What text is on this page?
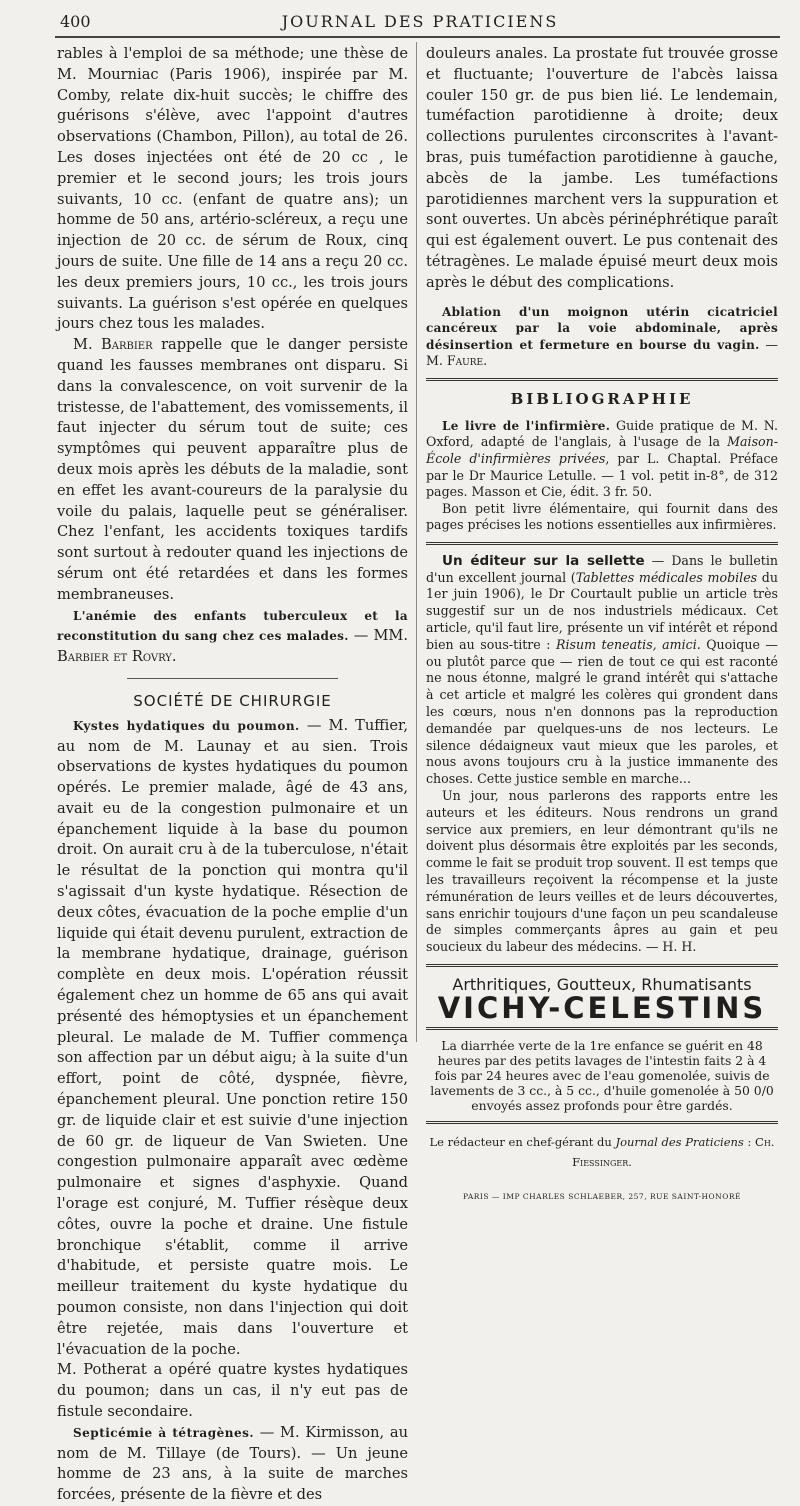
400	JOURNAL DES PRATICIENS

rables à l'emploi de sa méthode; une thèse de M. Mourniac (Paris 1906), inspirée par M. Comby, relate dix-huit succès; le chiffre des guérisons s'élève, avec l'appoint d'autres observations (Chambon, Pillon), au total de 26. Les doses injectées ont été de 20 cc , le premier et le second jours; les trois jours suivants, 10 cc. (enfant de quatre ans); un homme de 50 ans, artério-scléreux, a reçu une injection de 20 cc. de sérum de Roux, cinq jours de suite. Une fille de 14 ans a reçu 20 cc. les deux premiers jours, 10 cc., les trois jours suivants. La guérison s'est opérée en quelques jours chez tous les malades.

M. Barbier rappelle que le danger persiste quand les fausses membranes ont disparu. Si dans la convalescence, on voit survenir de la tristesse, de l'abattement, des vomissements, il faut injecter du sérum tout de suite; ces symptômes qui peuvent apparaître plus de deux mois après les débuts de la maladie, sont en effet les avant-coureurs de la paralysie du voile du palais, laquelle peut se généraliser. Chez l'enfant, les accidents toxiques tardifs sont surtout à redouter quand les injections de sérum ont été retardées et dans les formes membraneuses.

L'anémie des enfants tuberculeux et la reconstitution du sang chez ces malades. — MM. Barbier et Rovry.

SOCIÉTÉ DE CHIRURGIE

Kystes hydatiques du poumon. — M. Tuffier, au nom de M. Launay et au sien. Trois observations de kystes hydatiques du poumon opérés. Le premier malade, âgé de 43 ans, avait eu de la congestion pulmonaire et un épanchement liquide à la base du poumon droit. On aurait cru à de la tuberculose, n'était le résultat de la ponction qui montra qu'il s'agissait d'un kyste hydatique. Résection de deux côtes, évacuation de la poche emplie d'un liquide qui était devenu purulent, extraction de la membrane hydatique, drainage, guérison complète en deux mois. L'opération réussit également chez un homme de 65 ans qui avait présenté des hémoptysies et un épanchement pleural. Le malade de M. Tuffier commença son affection par un début aigu; à la suite d'un effort, point de côté, dyspnée, fièvre, épanchement pleural. Une ponction retire 150 gr. de liquide clair et est suivie d'une injection de 60 gr. de liqueur de Van Swieten. Une congestion pulmonaire apparaît avec œdème pulmonaire et signes d'asphyxie. Quand l'orage est conjuré, M. Tuffier résèque deux côtes, ouvre la poche et draine. Une fistule bronchique s'établit, comme il arrive d'habitude, et persiste quatre mois. Le meilleur traitement du kyste hydatique du poumon consiste, non dans l'injection qui doit être rejetée, mais dans l'ouverture et l'évacuation de la poche.

M. Potherat a opéré quatre kystes hydatiques du poumon; dans un cas, il n'y eut pas de fistule secondaire.

Septicémie à tétragènes. — M. Kirmisson, au nom de M. Tillaye (de Tours). — Un jeune homme de 23 ans, à la suite de marches forcées, présente de la fièvre et des

douleurs anales. La prostate fut trouvée grosse et fluctuante; l'ouverture de l'abcès laissa couler 150 gr. de pus bien lié. Le lendemain, tuméfaction parotidienne à droite; deux collections purulentes circonscrites à l'avant-bras, puis tuméfaction parotidienne à gauche, abcès de la jambe. Les tuméfactions parotidiennes marchent vers la suppuration et sont ouvertes. Un abcès périnéphrétique paraît qui est également ouvert. Le pus contenait des tétragènes. Le malade épuisé meurt deux mois après le début des complications.

Ablation d'un moignon utérin cicatriciel cancéreux par la voie abdominale, après désinsertion et fermeture en bourse du vagin. — M. Faure.

BIBLIOGRAPHIE

Le livre de l'infirmière. Guide pratique de M. N. Oxford, adapté de l'anglais, à l'usage de la Maison-École d'infirmières privées, par L. Chaptal. Préface par le Dr Maurice Letulle. — 1 vol. petit in-8°, de 312 pages. Masson et Cie, édit. 3 fr. 50.

Bon petit livre élémentaire, qui fournit dans des pages précises les notions essentielles aux infirmières.

Un éditeur sur la sellette — Dans le bulletin d'un excellent journal (Tablettes médicales mobiles du 1er juin 1906), le Dr Courtault publie un article très suggestif sur un de nos industriels médicaux. Cet article, qu'il faut lire, présente un vif intérêt et répond bien au sous-titre : Risum teneatis, amici. Quoique — ou plutôt parce que — rien de tout ce qui est raconté ne nous étonne, malgré le grand intérêt qui s'attache à cet article et malgré les colères qui grondent dans les cœurs, nous n'en donnons pas la reproduction demandée par quelques-uns de nos lecteurs. Le silence dédaigneux vaut mieux que les paroles, et nous avons toujours cru à la justice immanente des choses. Cette justice semble en marche...

Un jour, nous parlerons des rapports entre les auteurs et les éditeurs. Nous rendrons un grand service aux premiers, en leur démontrant qu'ils ne doivent plus désormais être exploités par les seconds, comme le fait se produit trop souvent. Il est temps que les travailleurs reçoivent la récompense et la juste rémunération de leurs veilles et de leurs découvertes, sans enrichir toujours d'une façon un peu scandaleuse de simples commerçants âpres au gain et peu soucieux du labeur des médecins. — H. H.

Arthritiques, Goutteux, Rhumatisants
VICHY-CELESTINS

La diarrhée verte de la 1re enfance se guérit en 48 heures par des petits lavages de l'intestin faits 2 à 4 fois par 24 heures avec de l'eau gomenolée, suivis de lavements de 3 cc., à 5 cc., d'huile gomenolée à 50 0/0 envoyés assez profonds pour être gardés.

Le rédacteur en chef-gérant du Journal des Praticiens : Ch. Fiessinger.
PARIS — IMP CHARLES SCHLAEBER, 257, RUE SAINT-HONORÉ
